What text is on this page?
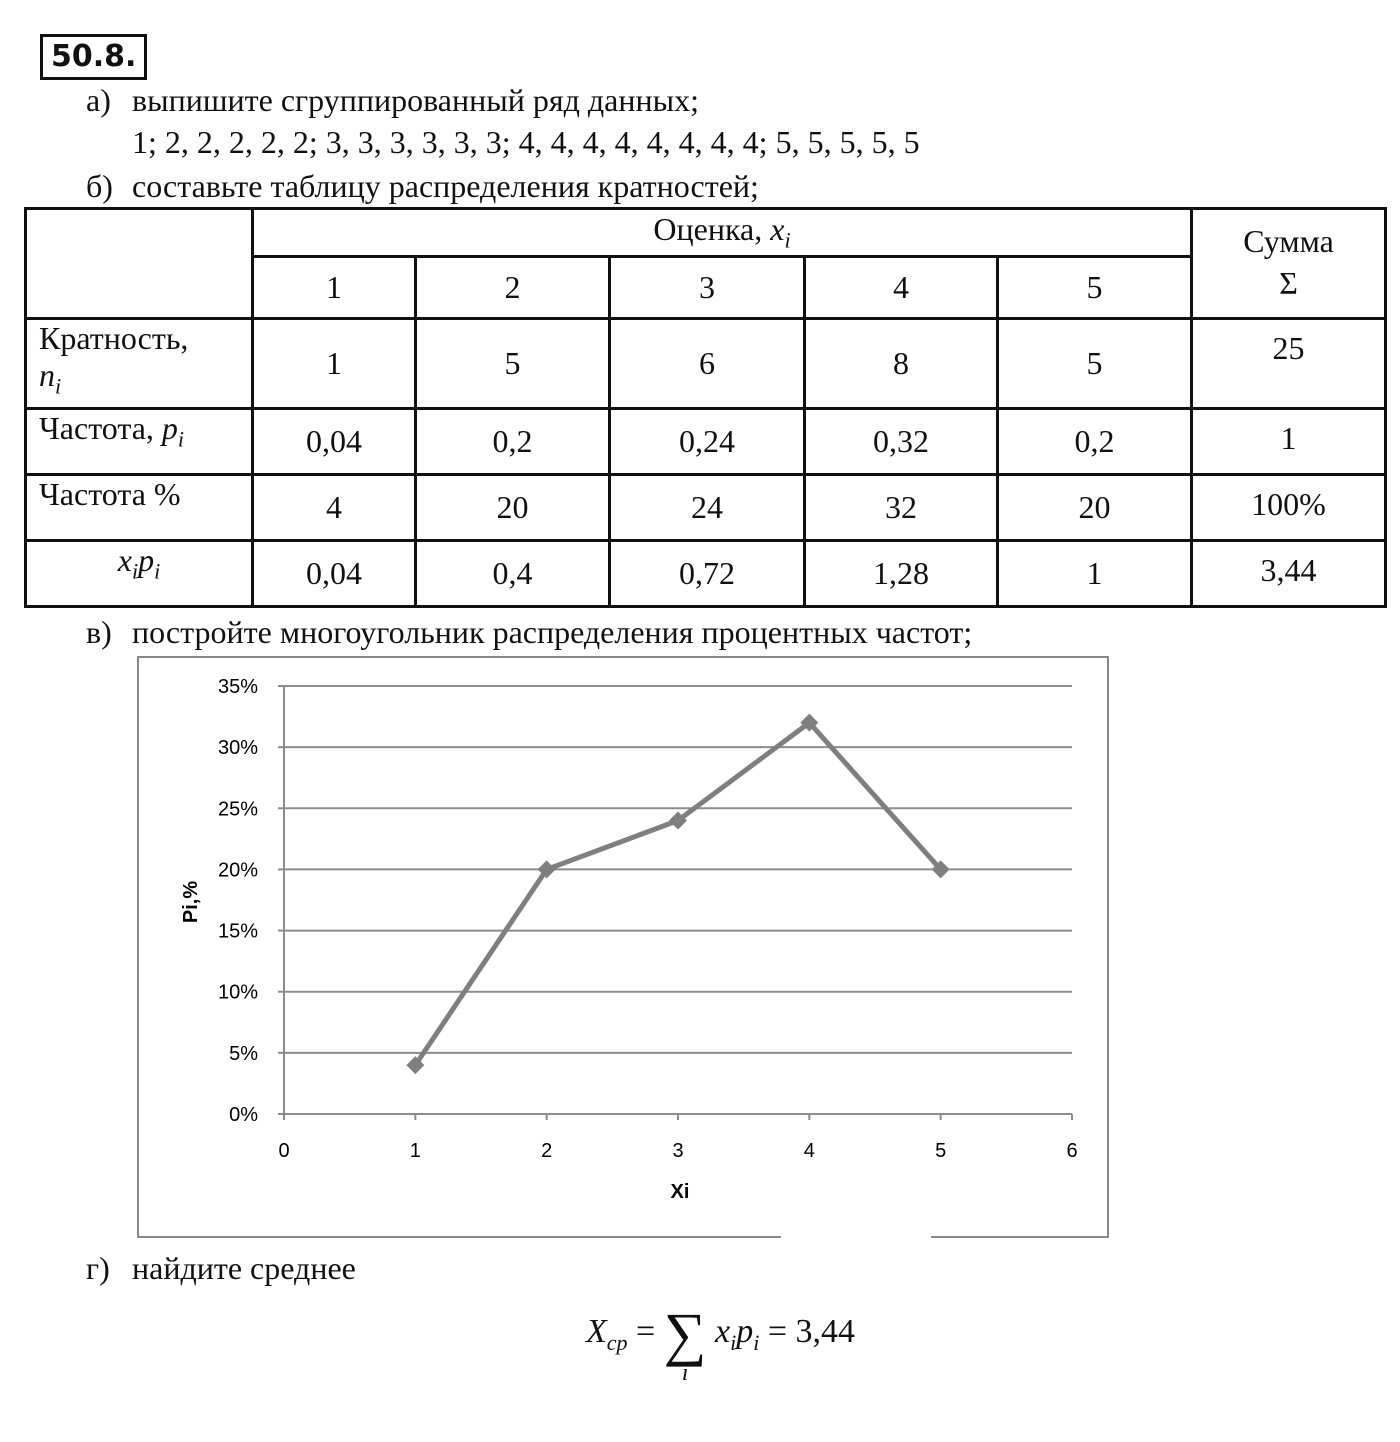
50.8.
а) выпишите сгруппированный ряд данных;
1; 2, 2, 2, 2, 2; 3, 3, 3, 3, 3, 3; 4, 4, 4, 4, 4, 4, 4, 4; 5, 5, 5, 5, 5
б) составьте таблицу распределения кратностей;
	Оценка, $x_i$					Сумма
Σ

	1	2	3	4	5	
Кратность,
$n_i$	1	5	6	8	5	25
Частота, $p_i$	0,04	0,2	0,24	0,32	0,2	1
Частота %	4	20	24	32	20	100%
$x_ip_i$	0,04	0,4	0,72	1,28	1	3,44
в) постройте многоугольник распределения процентных частот;
0%
5%
10%
15%
20%
25%
30%
35%
0	1	2	3	4	5	6
Xi
Pi,%
г) найдите среднее
$X_{ср}$ = ∑
i
$x_ip_i = 3,44$
